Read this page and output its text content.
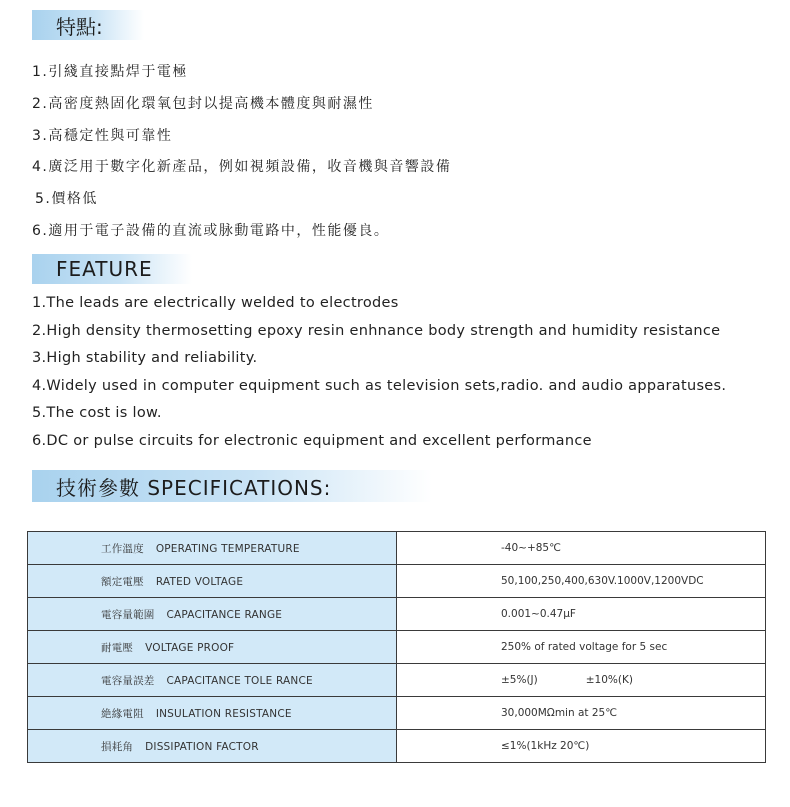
特點:
1.引綫直接點焊于電極
2.高密度熱固化環氧包封以提高機本體度與耐濕性
3.高穩定性與可靠性
4.廣泛用于數字化新產品，例如視頻設備，收音機與音響設備
5.價格低
6.適用于電子設備的直流或脉動電路中，性能優良。
FEATURE
1.The leads are electrically welded to electrodes
2.High density thermosetting epoxy resin enhnance body strength and humidity resistance
3.High stability and reliability.
4.Widely used in computer equipment such as television sets,radio. and audio apparatuses.
5.The cost is low.
6.DC or pulse circuits for electronic equipment and excellent performance
技術參數 SPECIFICATIONS:
工作溫度 OPERATING TEMPERATURE	-40~+85℃
額定電壓 RATED VOLTAGE	50,100,250,400,630V.1000V,1200VDC
電容量範圍 CAPACITANCE RANGE	0.001~0.47μF
耐電壓 VOLTAGE PROOF	250% of rated voltage for 5 sec
電容量誤差 CAPACITANCE TOLE RANCE	±5%(J) ±10%(K)
絶緣電阻 INSULATION RESISTANCE	30,000MΩmin at 25℃
損耗角 DISSIPATION FACTOR	≤1%(1kHz 20℃)
